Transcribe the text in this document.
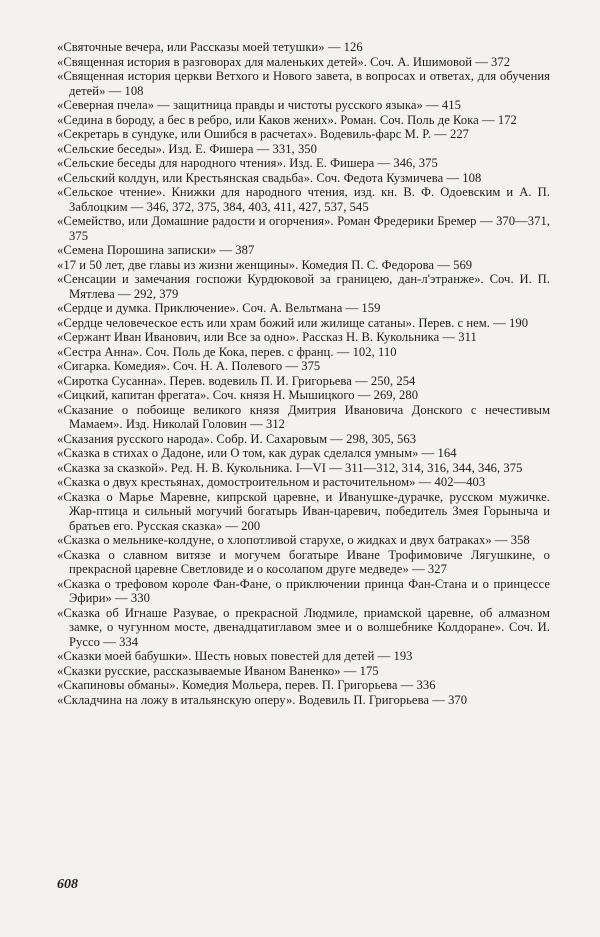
«Святочные вечера, или Рассказы моей тетушки» — 126

«Священная история в разговорах для маленьких детей». Соч. А. Ишимовой — 372

«Священная история церкви Ветхого и Нового завета, в вопросах и ответах, для обучения детей» — 108

«Северная пчела» — защитница правды и чистоты русского языка» — 415

«Седина в бороду, а бес в ребро, или Каков жених». Роман. Соч. Поль де Кока — 172

«Секретарь в сундуке, или Ошибся в расчетах». Водевиль-фарс М. Р. — 227

«Сельские беседы». Изд. Е. Фишера — 331, 350

«Сельские беседы для народного чтения». Изд. Е. Фишера — 346, 375

«Сельский колдун, или Крестьянская свадьба». Соч. Федота Кузмичева — 108

«Сельское чтение». Книжки для народного чтения, изд. кн. В. Ф. Одоевским и А. П. Заблоцким — 346, 372, 375, 384, 403, 411, 427, 537, 545

«Семейство, или Домашние радости и огорчения». Роман Фредерики Бремер — 370—371, 375

«Семена Порошина записки» — 387

«17 и 50 лет, две главы из жизни женщины». Комедия П. С. Федорова — 569

«Сенсации и замечания госпожи Курдюковой за границею, дан-л'этранже». Соч. И. П. Мятлева — 292, 379

«Сердце и думка. Приключение». Соч. А. Вельтмана — 159

«Сердце человеческое есть или храм божий или жилище сатаны». Перев. с нем. — 190

«Сержант Иван Иванович, или Все за одно». Рассказ Н. В. Кукольника — 311

«Сестра Анна». Соч. Поль де Кока, перев. с франц. — 102, 110

«Сигарка. Комедия». Соч. Н. А. Полевого — 375

«Сиротка Сусанна». Перев. водевиль П. И. Григорьева — 250, 254

«Сицкий, капитан фрегата». Соч. князя Н. Мышицкого — 269, 280

«Сказание о побоище великого князя Дмитрия Ивановича Донского с нечестивым Мамаем». Изд. Николай Головин — 312

«Сказания русского народа». Собр. И. Сахаровым — 298, 305, 563

«Сказка в стихах о Дадоне, или О том, как дурак сделался умным» — 164

«Сказка за сказкой». Ред. Н. В. Кукольника. I—VI — 311—312, 314, 316, 344, 346, 375

«Сказка о двух крестьянах, домостроительном и расточительном» — 402—403

«Сказка о Марье Маревне, кипрской царевне, и Иванушке-дурачке, русском мужичке. Жар-птица и сильный могучий богатырь Иван-царевич, победитель Змея Горыныча и братьев его. Русская сказка» — 200

«Сказка о мельнике-колдуне, о хлопотливой старухе, о жидках и двух батраках» — 358

«Сказка о славном витязе и могучем богатыре Иване Трофимовиче Лягушкине, о прекрасной царевне Светловиде и о косолапом друге медведе» — 327

«Сказка о трефовом короле Фан-Фане, о приключении принца Фан-Стана и о принцессе Эфири» — 330

«Сказка об Игнаше Разувае, о прекрасной Людмиле, приамской царевне, об алмазном замке, о чугунном мосте, двенадцатиглавом змее и о волшебнике Колдоране». Соч. И. Руссо — 334

«Сказки моей бабушки». Шесть новых повестей для детей — 193

«Сказки русские, рассказываемые Иваном Ваненко» — 175

«Скапиновы обманы». Комедия Мольера, перев. П. Григорьева — 336

«Складчина на ложу в итальянскую оперу». Водевиль П. Григорьева — 370

608
